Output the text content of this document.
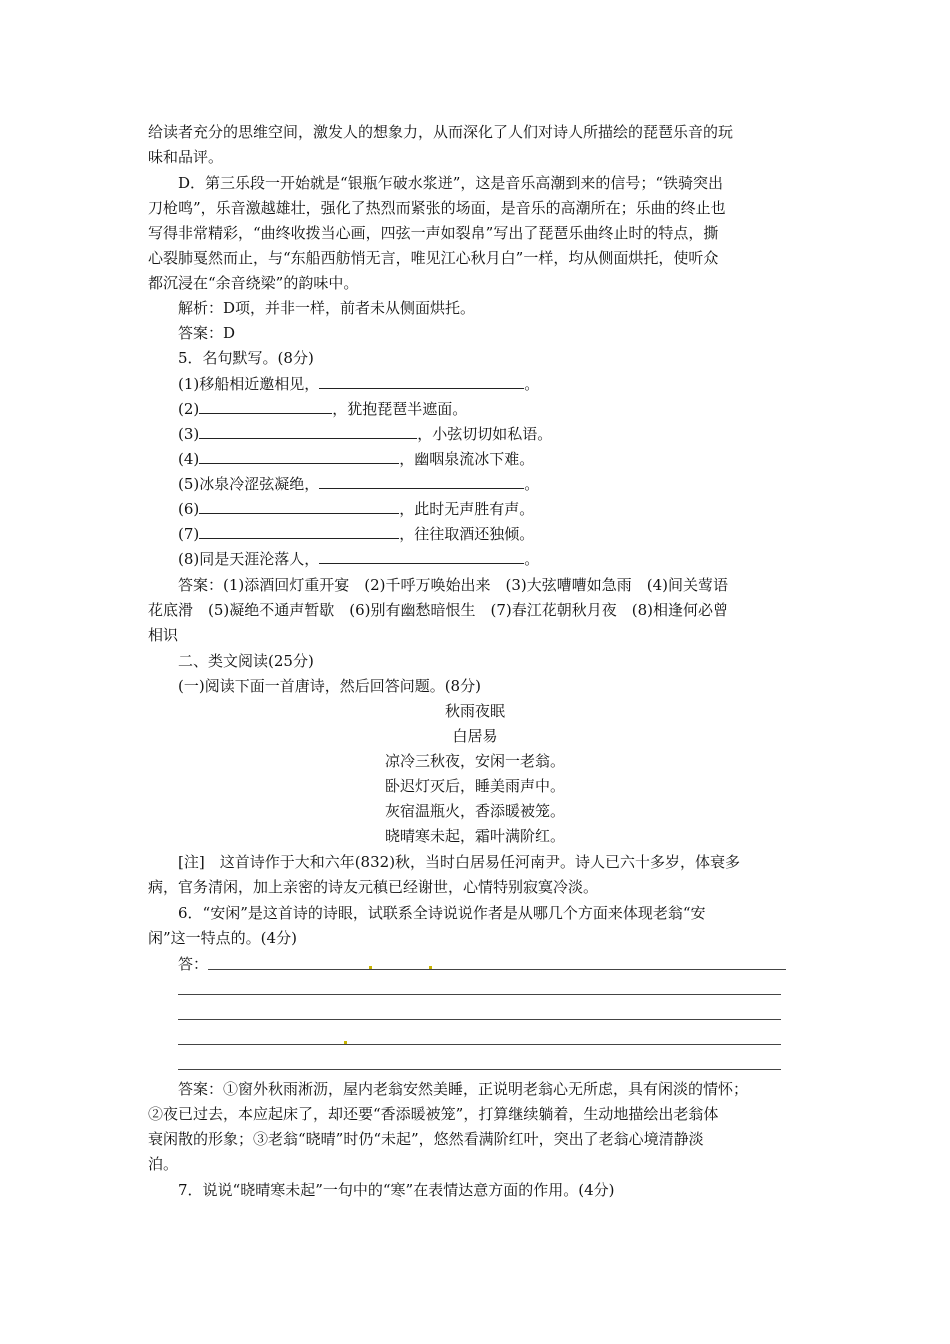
给读者充分的思维空间，激发人的想象力，从而深化了人们对诗人所描绘的琵琶乐音的玩
味和品评。
D．第三乐段一开始就是“银瓶乍破水浆迸”，这是音乐高潮到来的信号；“铁骑突出
刀枪鸣”，乐音激越雄壮，强化了热烈而紧张的场面，是音乐的高潮所在；乐曲的终止也
写得非常精彩，“曲终收拨当心画，四弦一声如裂帛”写出了琵琶乐曲终止时的特点，撕
心裂肺戛然而止，与“东船西舫悄无言，唯见江心秋月白”一样，均从侧面烘托，使听众
都沉浸在“余音绕梁”的韵味中。
解析：D项，并非一样，前者未从侧面烘托。
答案：D
5．名句默写。(8分)
(1)移船相近邀相见，	。
(2)	，犹抱琵琶半遮面。
(3)	，小弦切切如私语。
(4)	，幽咽泉流冰下难。
(5)冰泉冷涩弦凝绝，	。
(6)	，此时无声胜有声。
(7)	，往往取酒还独倾。
(8)同是天涯沦落人，	。
答案：(1)添酒回灯重开宴　(2)千呼万唤始出来　(3)大弦嘈嘈如急雨　(4)间关莺语
花底滑　(5)凝绝不通声暂歇　(6)别有幽愁暗恨生　(7)春江花朝秋月夜　(8)相逢何必曾
相识
二、类文阅读(25分)
(一)阅读下面一首唐诗，然后回答问题。(8分)
秋雨夜眠
白居易
凉冷三秋夜，安闲一老翁。
卧迟灯灭后，睡美雨声中。
灰宿温瓶火，香添暖被笼。
晓晴寒未起，霜叶满阶红。
[注]　这首诗作于大和六年(832)秋，当时白居易任河南尹。诗人已六十多岁，体衰多
病，官务清闲，加上亲密的诗友元稹已经谢世，心情特别寂寞冷淡。
6．“安闲”是这首诗的诗眼，试联系全诗说说作者是从哪几个方面来体现老翁“安
闲”这一特点的。(4分)
答：
答案：①窗外秋雨淅沥，屋内老翁安然美睡，正说明老翁心无所虑，具有闲淡的情怀；
②夜已过去，本应起床了，却还要“香添暖被笼”，打算继续躺着，生动地描绘出老翁体
衰闲散的形象；③老翁“晓晴”时仍“未起”，悠然看满阶红叶，突出了老翁心境清静淡
泊。
7．说说“晓晴寒未起”一句中的“寒”在表情达意方面的作用。(4分)
